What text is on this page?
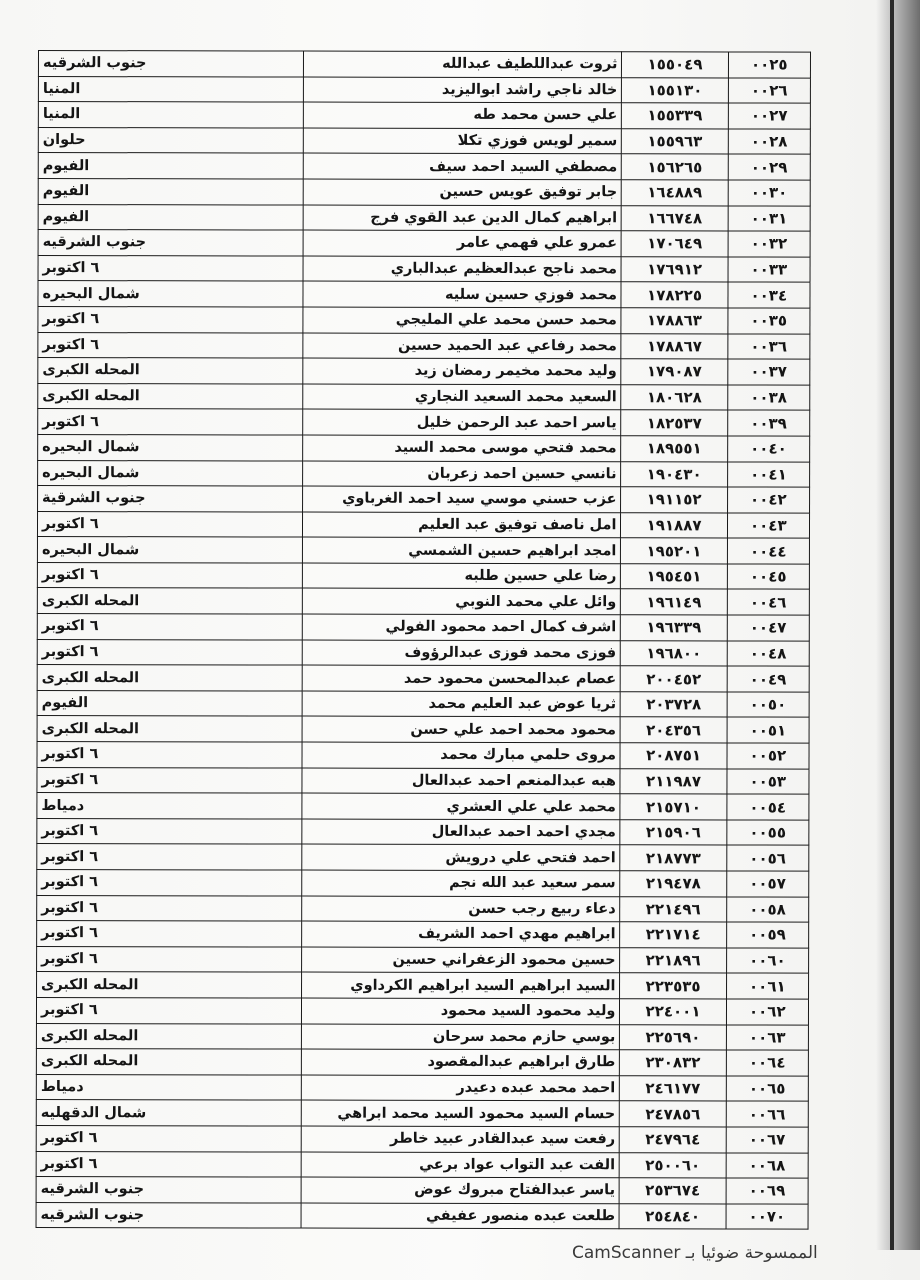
جنوب الشرقيه	ثروت عبداللطيف عبدالله	١٥٥٠٤٩	٠٠٢٥
المنيا	خالد ناجي راشد ابواليزيد	١٥٥١٣٠	٠٠٢٦
المنيا	علي حسن محمد طه	١٥٥٣٣٩	٠٠٢٧
حلوان	سمير لويس فوزي تكلا	١٥٥٩٦٣	٠٠٢٨
الفيوم	مصطفي السيد احمد سيف	١٥٦٢٦٥	٠٠٢٩
الفيوم	جابر توفيق عويس حسين	١٦٤٨٨٩	٠٠٣٠
الفيوم	ابراهيم كمال الدين عبد القوي فرج	١٦٦٧٤٨	٠٠٣١
جنوب الشرقيه	عمرو علي فهمي عامر	١٧٠٦٤٩	٠٠٣٢
٦ اكتوبر	محمد ناجح عبدالعظيم عبدالباري	١٧٦٩١٢	٠٠٣٣
شمال البحيره	محمد فوزي حسين سليه	١٧٨٢٢٥	٠٠٣٤
٦ اكتوبر	محمد حسن محمد علي المليجي	١٧٨٨٦٣	٠٠٣٥
٦ اكتوبر	محمد رفاعي عبد الحميد حسين	١٧٨٨٦٧	٠٠٣٦
المحله الكبرى	وليد محمد مخيمر رمضان زيد	١٧٩٠٨٧	٠٠٣٧
المحله الكبرى	السعيد محمد السعيد النجاري	١٨٠٦٢٨	٠٠٣٨
٦ اكتوبر	ياسر احمد عبد الرحمن خليل	١٨٢٥٣٧	٠٠٣٩
شمال البحيره	محمد فتحي موسى محمد السيد	١٨٩٥٥١	٠٠٤٠
شمال البحيره	نانسي حسين احمد زعربان	١٩٠٤٣٠	٠٠٤١
جنوب الشرقية	عزب حسني موسي سيد احمد الغرباوي	١٩١١٥٢	٠٠٤٢
٦ اكتوبر	امل ناصف توفيق عبد العليم	١٩١٨٨٧	٠٠٤٣
شمال البحيره	امجد ابراهيم حسين الشمسي	١٩٥٢٠١	٠٠٤٤
٦ اكتوبر	رضا علي حسين طلبه	١٩٥٤٥١	٠٠٤٥
المحله الكبرى	وائل علي محمد النوبي	١٩٦١٤٩	٠٠٤٦
٦ اكتوبر	اشرف كمال احمد محمود الفولي	١٩٦٣٣٩	٠٠٤٧
٦ اكتوبر	فوزى محمد فوزى عبدالرؤوف	١٩٦٨٠٠	٠٠٤٨
المحله الكبرى	عصام عبدالمحسن محمود حمد	٢٠٠٤٥٢	٠٠٤٩
الفيوم	ثريا عوض عبد العليم محمد	٢٠٣٧٢٨	٠٠٥٠
المحله الكبرى	محمود محمد احمد علي حسن	٢٠٤٣٥٦	٠٠٥١
٦ اكتوبر	مروى حلمي مبارك محمد	٢٠٨٧٥١	٠٠٥٢
٦ اكتوبر	هبه عبدالمنعم احمد عبدالعال	٢١١٩٨٧	٠٠٥٣
دمياط	محمد علي علي العشري	٢١٥٧١٠	٠٠٥٤
٦ اكتوبر	مجدي احمد احمد عبدالعال	٢١٥٩٠٦	٠٠٥٥
٦ اكتوبر	احمد فتحي علي درويش	٢١٨٧٧٣	٠٠٥٦
٦ اكتوبر	سمر سعيد عبد الله نجم	٢١٩٤٧٨	٠٠٥٧
٦ اكتوبر	دعاء ربيع رجب حسن	٢٢١٤٩٦	٠٠٥٨
٦ اكتوبر	ابراهيم مهدي احمد الشريف	٢٢١٧١٤	٠٠٥٩
٦ اكتوبر	حسين محمود الزعفراني حسين	٢٢١٨٩٦	٠٠٦٠
المحله الكبرى	السيد ابراهيم السيد ابراهيم الكرداوي	٢٢٣٥٣٥	٠٠٦١
٦ اكتوبر	وليد محمود السيد محمود	٢٢٤٠٠١	٠٠٦٢
المحله الكبرى	بوسي حازم محمد سرحان	٢٢٥٦٩٠	٠٠٦٣
المحله الكبرى	طارق ابراهيم عبدالمقصود	٢٣٠٨٣٢	٠٠٦٤
دمياط	احمد محمد عبده دعيدر	٢٤٦١٧٧	٠٠٦٥
شمال الدقهليه	حسام السيد محمود السيد محمد ابراهي	٢٤٧٨٥٦	٠٠٦٦
٦ اكتوبر	رفعت سيد عبدالقادر عبيد خاطر	٢٤٧٩٦٤	٠٠٦٧
٦ اكتوبر	الفت عبد التواب عواد برعي	٢٥٠٠٦٠	٠٠٦٨
جنوب الشرقيه	ياسر عبدالفتاح مبروك عوض	٢٥٣٦٧٤	٠٠٦٩
جنوب الشرقيه	طلعت عبده منصور عفيفي	٢٥٤٨٤٠	٠٠٧٠
الممسوحة ضوئيا بـ CamScanner
